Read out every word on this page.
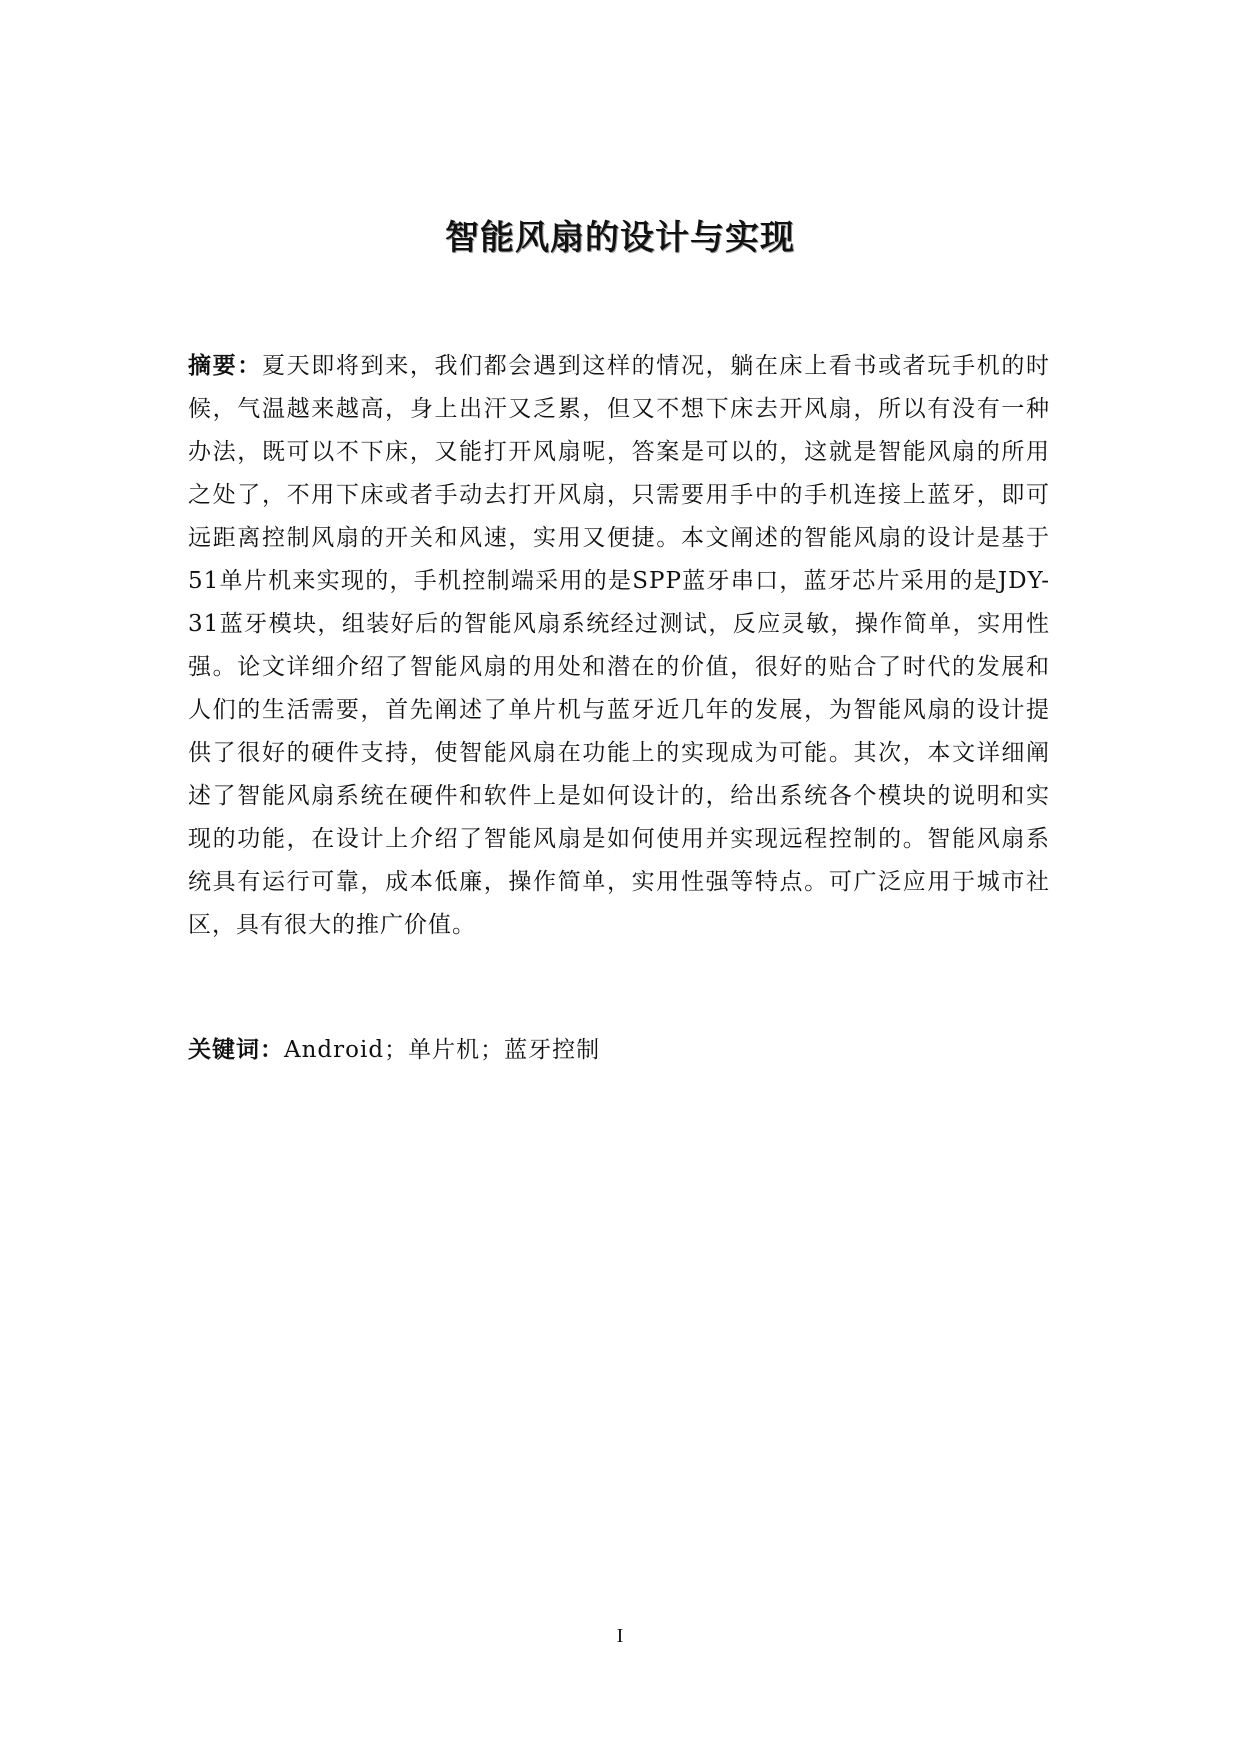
智能风扇的设计与实现
摘要：夏天即将到来，我们都会遇到这样的情况，躺在床上看书或者玩手机的时候，气温越来越高，身上出汗又乏累，但又不想下床去开风扇，所以有没有一种办法，既可以不下床，又能打开风扇呢，答案是可以的，这就是智能风扇的所用之处了，不用下床或者手动去打开风扇，只需要用手中的手机连接上蓝牙，即可远距离控制风扇的开关和风速，实用又便捷。本文阐述的智能风扇的设计是基于51单片机来实现的，手机控制端采用的是SPP蓝牙串口，蓝牙芯片采用的是JDY-31蓝牙模块，组装好后的智能风扇系统经过测试，反应灵敏，操作简单，实用性强。论文详细介绍了智能风扇的用处和潜在的价值，很好的贴合了时代的发展和人们的生活需要，首先阐述了单片机与蓝牙近几年的发展，为智能风扇的设计提供了很好的硬件支持，使智能风扇在功能上的实现成为可能。其次，本文详细阐述了智能风扇系统在硬件和软件上是如何设计的，给出系统各个模块的说明和实现的功能，在设计上介绍了智能风扇是如何使用并实现远程控制的。智能风扇系统具有运行可靠，成本低廉，操作简单，实用性强等特点。可广泛应用于城市社区，具有很大的推广价值。
关键词：Android；单片机；蓝牙控制
I
